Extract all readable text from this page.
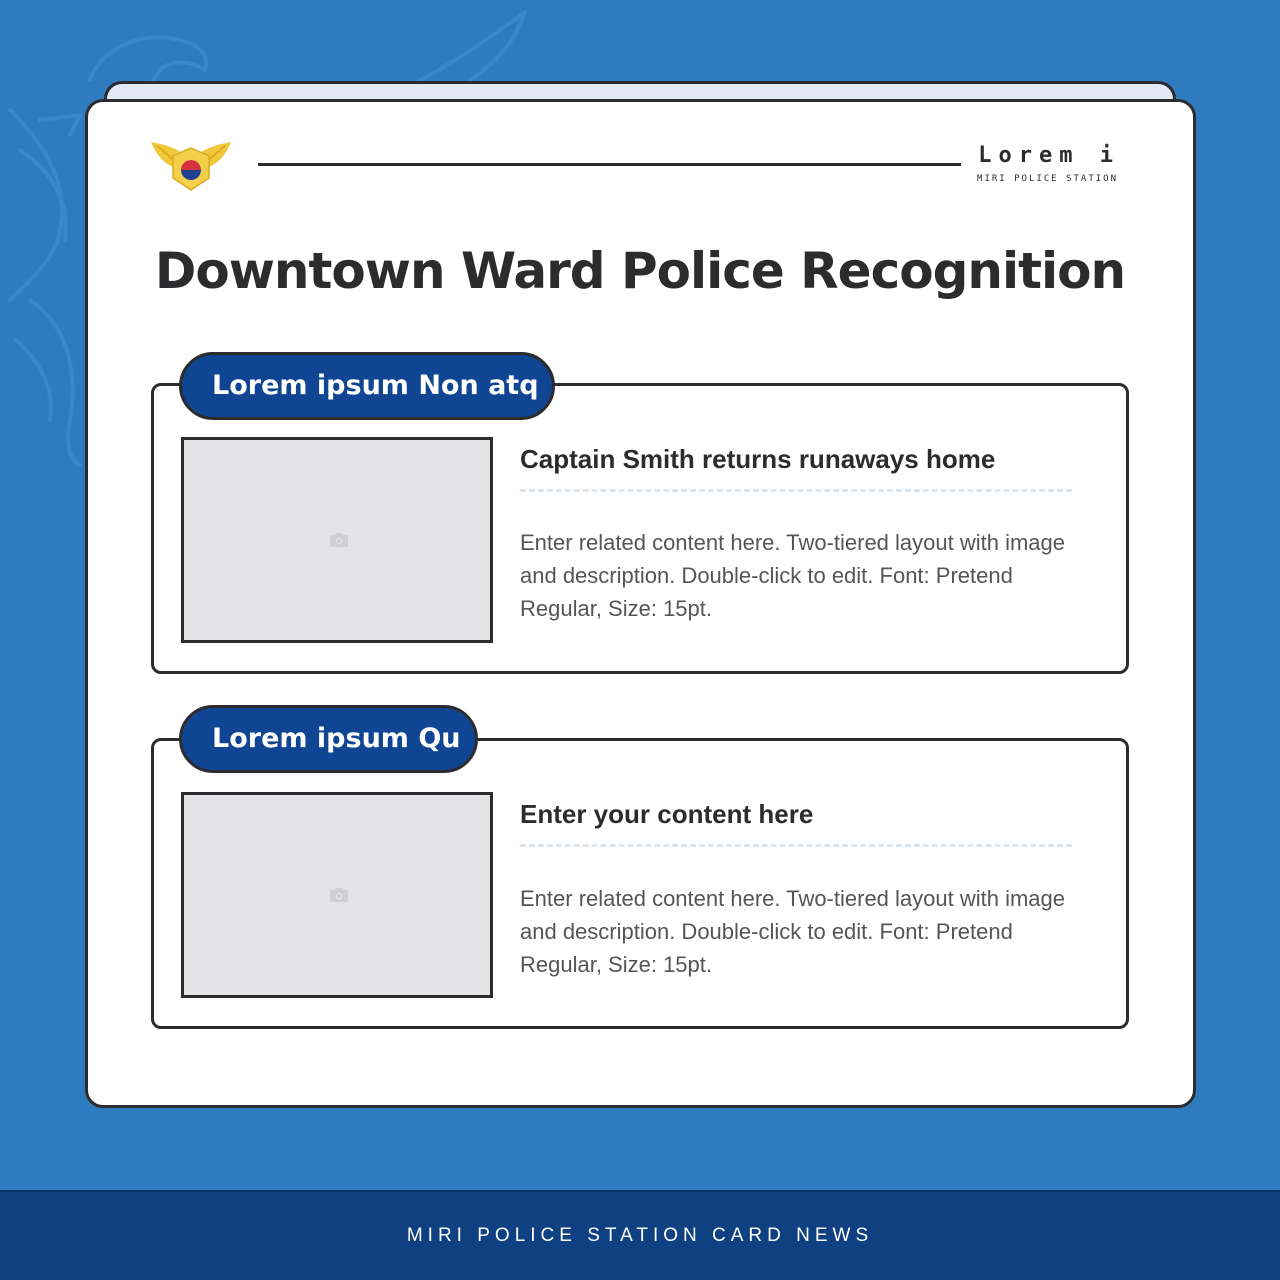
Lorem i
MIRI POLICE STATION
Downtown Ward Police Recognition
Lorem ipsum Non atq
Captain Smith returns runaways home
Enter related content here. Two-tiered layout with image and description. Double-click to edit. Font: Pretend Regular, Size: 15pt.
Lorem ipsum Qu
Enter your content here
Enter related content here. Two-tiered layout with image and description. Double-click to edit. Font: Pretend Regular, Size: 15pt.
MIRI POLICE STATION CARD NEWS
